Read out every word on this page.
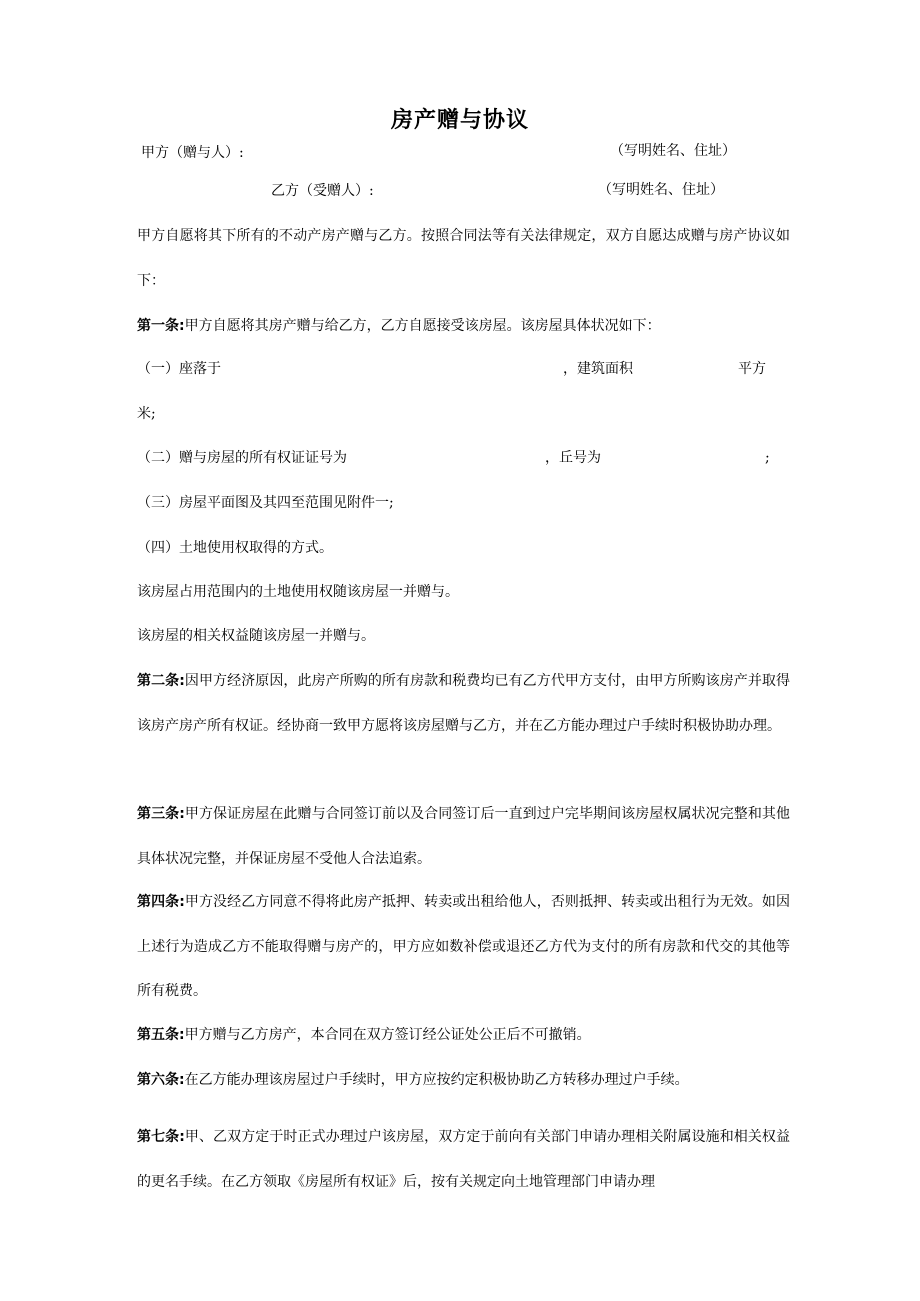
房产赠与协议
甲方（赠与人）:	（写明姓名、住址）
乙方（受赠人）:	（写明姓名、住址）
甲方自愿将其下所有的不动产房产赠与乙方。按照合同法等有关法律规定，双方自愿达成赠与房产协议如下：
第一条:甲方自愿将其房产赠与给乙方，乙方自愿接受该房屋。该房屋具体状况如下：
（一）座落于	，建筑面积	平方
米;
（二）赠与房屋的所有权证证号为	，丘号为	;
（三）房屋平面图及其四至范围见附件一;
（四）土地使用权取得的方式。
该房屋占用范围内的土地使用权随该房屋一并赠与。
该房屋的相关权益随该房屋一并赠与。
第二条:因甲方经济原因，此房产所购的所有房款和税费均已有乙方代甲方支付，由甲方所购该房产并取得该房产房产所有权证。经协商一致甲方愿将该房屋赠与乙方，并在乙方能办理过户手续时积极协助办理。
第三条:甲方保证房屋在此赠与合同签订前以及合同签订后一直到过户完毕期间该房屋权属状况完整和其他具体状况完整，并保证房屋不受他人合法追索。
第四条:甲方没经乙方同意不得将此房产抵押、转卖或出租给他人，否则抵押、转卖或出租行为无效。如因上述行为造成乙方不能取得赠与房产的，甲方应如数补偿或退还乙方代为支付的所有房款和代交的其他等所有税费。
第五条:甲方赠与乙方房产，本合同在双方签订经公证处公正后不可撤销。
第六条:在乙方能办理该房屋过户手续时，甲方应按约定积极协助乙方转移办理过户手续。
第七条:甲、乙双方定于时正式办理过户该房屋，双方定于前向有关部门申请办理相关附属设施和相关权益的更名手续。在乙方领取《房屋所有权证》后，按有关规定向土地管理部门申请办理
